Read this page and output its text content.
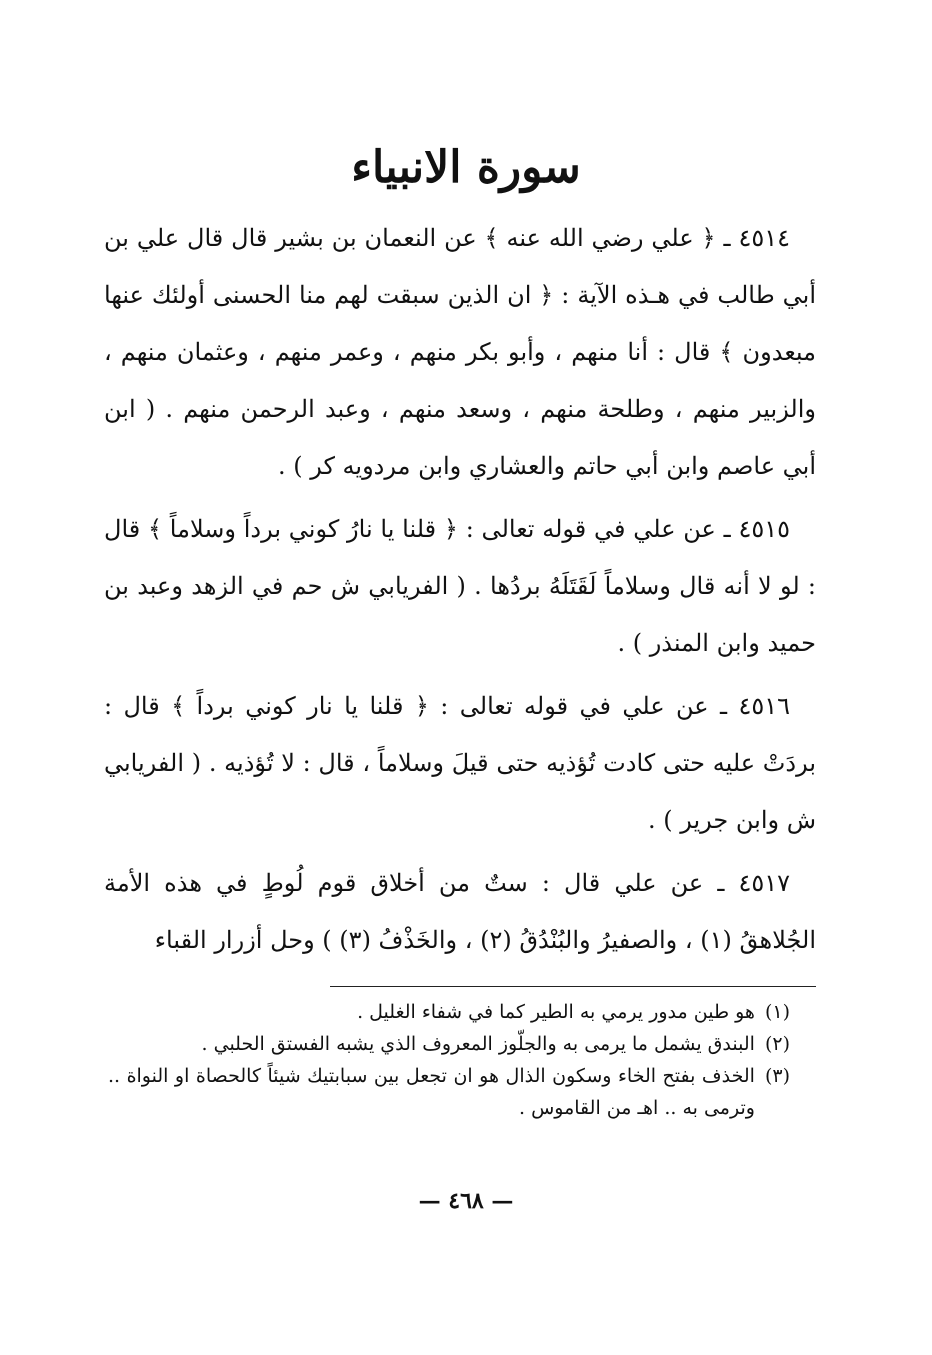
سورة الانبياء

٤٥١٤ ـ ﴿ علي رضي الله عنه ﴾ عن النعمان بن بشير قال قال علي بن أبي طالب في هـذه الآية : ﴿ ان الذين سبقت لهم منا الحسنى أولئك عنها مبعدون ﴾ قال : أنا منهم ، وأبو بكر منهم ، وعمر منهم ، وعثمان منهم ، والزبير منهم ، وطلحة منهم ، وسعد منهم ، وعبد الرحمن منهم . ( ابن أبي عاصم وابن أبي حاتم والعشاري وابن مردويه كر ) .

٤٥١٥ ـ عن علي في قوله تعالى : ﴿ قلنا يا نارُ كوني برداً وسلاماً ﴾ قال : لو لا أنه قال وسلاماً لَقَتَلَهُ بردُها . ( الفريابي ش حم في الزهد وعبد بن حميد وابن المنذر ) .

٤٥١٦ ـ عن علي في قوله تعالى : ﴿ قلنا يا نار كوني برداً ﴾ قال : بردَتْ عليه حتى كادت تُؤذيه حتى قيلَ وسلاماً ، قال : لا تُؤذيه . ( الفريابي ش وابن جرير ) .

٤٥١٧ ـ عن علي قال : ستٌ من أخلاق قوم لُوطٍ في هذه الأمة الجُلاهقُ (١) ، والصفيرُ والبُنْدُقُ (٢) ، والخَذْفُ (٣) ) وحل أزرار القباء

(١)
هو طين مدور يرمي به الطير كما في شفاء الغليل .

(٢)
البندق يشمل ما يرمى به والجلّوز المعروف الذي يشبه الفستق الحلبي .

(٣)
الخذف بفتح الخاء وسكون الذال هو ان تجعل بين سبابتيك شيئاً كالحصاة او النواة .. وترمى به .. اهـ من القاموس .

— ٤٦٨ —
